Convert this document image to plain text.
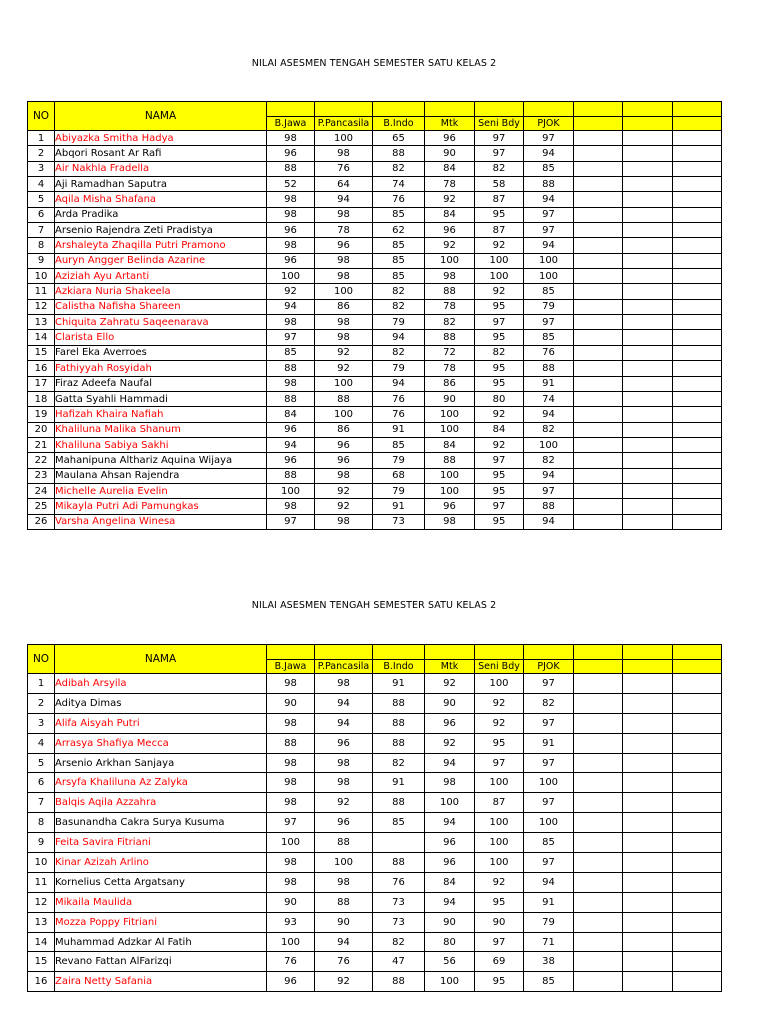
NILAI ASESMEN TENGAH SEMESTER SATU KELAS 2
NO	NAMA									
		B.Jawa	P.Pancasila	B.Indo	Mtk	Seni Bdy	PJOK			
1	Abiyazka Smitha Hadya	98	100	65	96	97	97			
2	Abqori Rosant Ar Rafi	96	98	88	90	97	94			
3	Air Nakhla Fradella	88	76	82	84	82	85			
4	Aji Ramadhan Saputra	52	64	74	78	58	88			
5	Aqila Misha Shafana	98	94	76	92	87	94			
6	Arda Pradika	98	98	85	84	95	97			
7	Arsenio Rajendra Zeti Pradistya	96	78	62	96	87	97			
8	Arshaleyta Zhaqilla Putri Pramono	98	96	85	92	92	94			
9	Auryn Angger Belinda Azarine	96	98	85	100	100	100			
10	Aziziah Ayu Artanti	100	98	85	98	100	100			
11	Azkiara Nuria Shakeela	92	100	82	88	92	85			
12	Calistha Nafisha Shareen	94	86	82	78	95	79			
13	Chiquita Zahratu Saqeenarava	98	98	79	82	97	97			
14	Clarista Ello	97	98	94	88	95	85			
15	Farel Eka Averroes	85	92	82	72	82	76			
16	Fathiyyah Rosyidah	88	92	79	78	95	88			
17	Firaz Adeefa Naufal	98	100	94	86	95	91			
18	Gatta Syahli Hammadi	88	88	76	90	80	74			
19	Hafizah Khaira Nafiah	84	100	76	100	92	94			
20	Khaliluna Malika Shanum	96	86	91	100	84	82			
21	Khaliluna Sabiya Sakhi	94	96	85	84	92	100			
22	Mahanipuna Althariz Aquina Wijaya	96	96	79	88	97	82			
23	Maulana Ahsan Rajendra	88	98	68	100	95	94			
24	Michelle Aurelia Evelin	100	92	79	100	95	97			
25	Mikayla Putri Adi Pamungkas	98	92	91	96	97	88			
26	Varsha Angelina Winesa	97	98	73	98	95	94			
NILAI ASESMEN TENGAH SEMESTER SATU KELAS 2
NO	NAMA									
		B.Jawa	P.Pancasila	B.Indo	Mtk	Seni Bdy	PJOK			
1	Adibah Arsyila	98	98	91	92	100	97			
2	Aditya Dimas	90	94	88	90	92	82			
3	Alifa Aisyah Putri	98	94	88	96	92	97			
4	Arrasya Shafiya Mecca	88	96	88	92	95	91			
5	Arsenio Arkhan Sanjaya	98	98	82	94	97	97			
6	Arsyfa Khaliluna Az Zalyka	98	98	91	98	100	100			
7	Balqis Aqila Azzahra	98	92	88	100	87	97			
8	Basunandha Cakra Surya Kusuma	97	96	85	94	100	100			
9	Feita Savira Fitriani	100	88		96	100	85			
10	Kinar Azizah Arlino	98	100	88	96	100	97			
11	Kornelius Cetta Argatsany	98	98	76	84	92	94			
12	Mikaila Maulida	90	88	73	94	95	91			
13	Mozza Poppy Fitriani	93	90	73	90	90	79			
14	Muhammad Adzkar Al Fatih	100	94	82	80	97	71			
15	Revano Fattan AlFarizqi	76	76	47	56	69	38			
16	Zaira Netty Safania	96	92	88	100	95	85			
